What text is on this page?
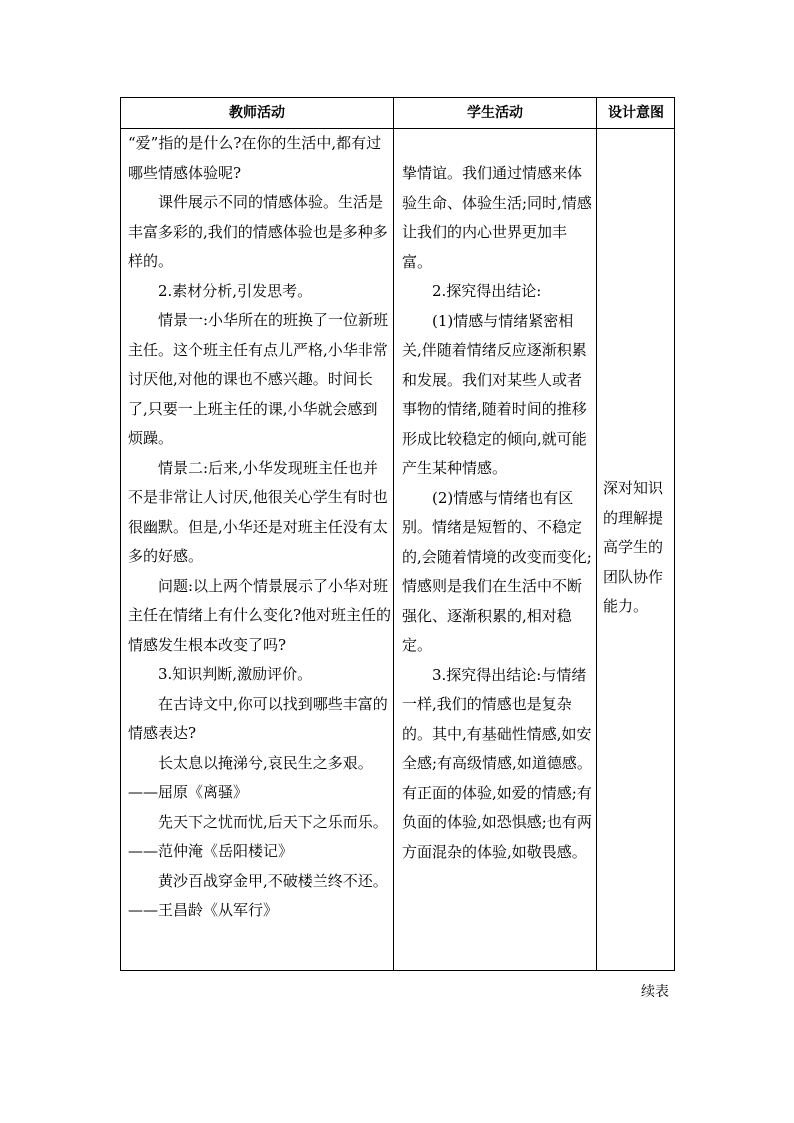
教师活动	学生活动	设计意图

“爱”指的是什么?在你的生活中,都有过哪些情感体验呢?

课件展示不同的情感体验。生活是丰富多彩的,我们的情感体验也是多种多样的。

2.素材分析,引发思考。

情景一:小华所在的班换了一位新班主任。这个班主任有点儿严格,小华非常讨厌他,对他的课也不感兴趣。时间长了,只要一上班主任的课,小华就会感到烦躁。

情景二:后来,小华发现班主任也并不是非常让人讨厌,他很关心学生有时也很幽默。但是,小华还是对班主任没有太多的好感。

问题:以上两个情景展示了小华对班主任在情绪上有什么变化?他对班主任的情感发生根本改变了吗?

3.知识判断,激励评价。

在古诗文中,你可以找到哪些丰富的情感表达?

长太息以掩涕兮,哀民生之多艰。

——屈原《离骚》

先天下之忧而忧,后天下之乐而乐。

——范仲淹《岳阳楼记》

黄沙百战穿金甲,不破楼兰终不还。

——王昌龄《从军行》

挚情谊。我们通过情感来体验生命、体验生活;同时,情感让我们的内心世界更加丰富。

2.探究得出结论:

(1)情感与情绪紧密相关,伴随着情绪反应逐渐积累和发展。我们对某些人或者事物的情绪,随着时间的推移形成比较稳定的倾向,就可能产生某种情感。

(2)情感与情绪也有区别。情绪是短暂的、不稳定的,会随着情境的改变而变化;情感则是我们在生活中不断强化、逐渐积累的,相对稳定。

3.探究得出结论:与情绪一样,我们的情感也是复杂的。其中,有基础性情感,如安全感;有高级情感,如道德感。有正面的体验,如爱的情感;有负面的体验,如恐惧感;也有两方面混杂的体验,如敬畏感。

深对知识的理解提高学生的团队协作能力。
续表
